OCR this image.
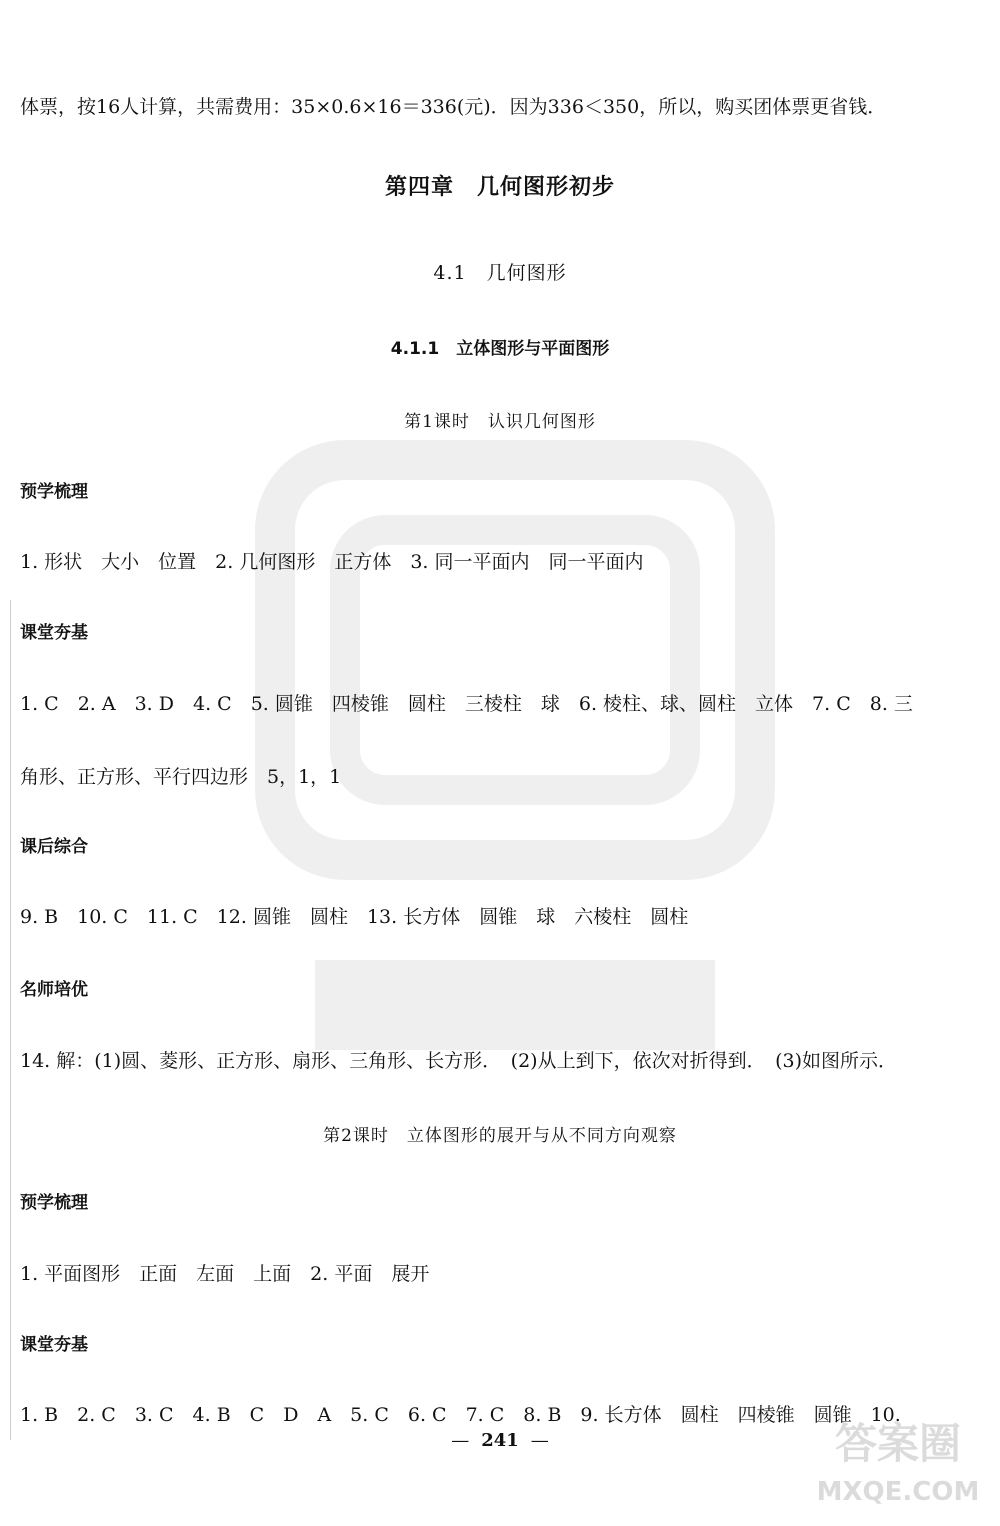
体票，按16人计算，共需费用：35×0.6×16＝336(元)．因为336＜350，所以，购买团体票更省钱．
第四章　几何图形初步
4.1　几何图形
4.1.1　立体图形与平面图形
第1课时　认识几何图形
预学梳理
1. 形状　大小　位置　2. 几何图形　正方体　3. 同一平面内　同一平面内
课堂夯基
1. C　2. A　3. D　4. C　5. 圆锥　四棱锥　圆柱　三棱柱　球　6. 棱柱、球、圆柱　立体　7. C　8. 三
角形、正方形、平行四边形　5，1，1
课后综合
9. B　10. C　11. C　12. 圆锥　圆柱　13. 长方体　圆锥　球　六棱柱　圆柱
名师培优
14. 解：(1)圆、菱形、正方形、扇形、三角形、长方形．　(2)从上到下，依次对折得到．　(3)如图所示．
第2课时　立体图形的展开与从不同方向观察
预学梳理
1. 平面图形　正面　左面　上面　2. 平面　展开
课堂夯基
1. B　2. C　3. C　4. B　C　D　A　5. C　6. C　7. C　8. B　9. 长方体　圆柱　四棱锥　圆锥　10.
— 241 —	答案圈
MXQE.COM
